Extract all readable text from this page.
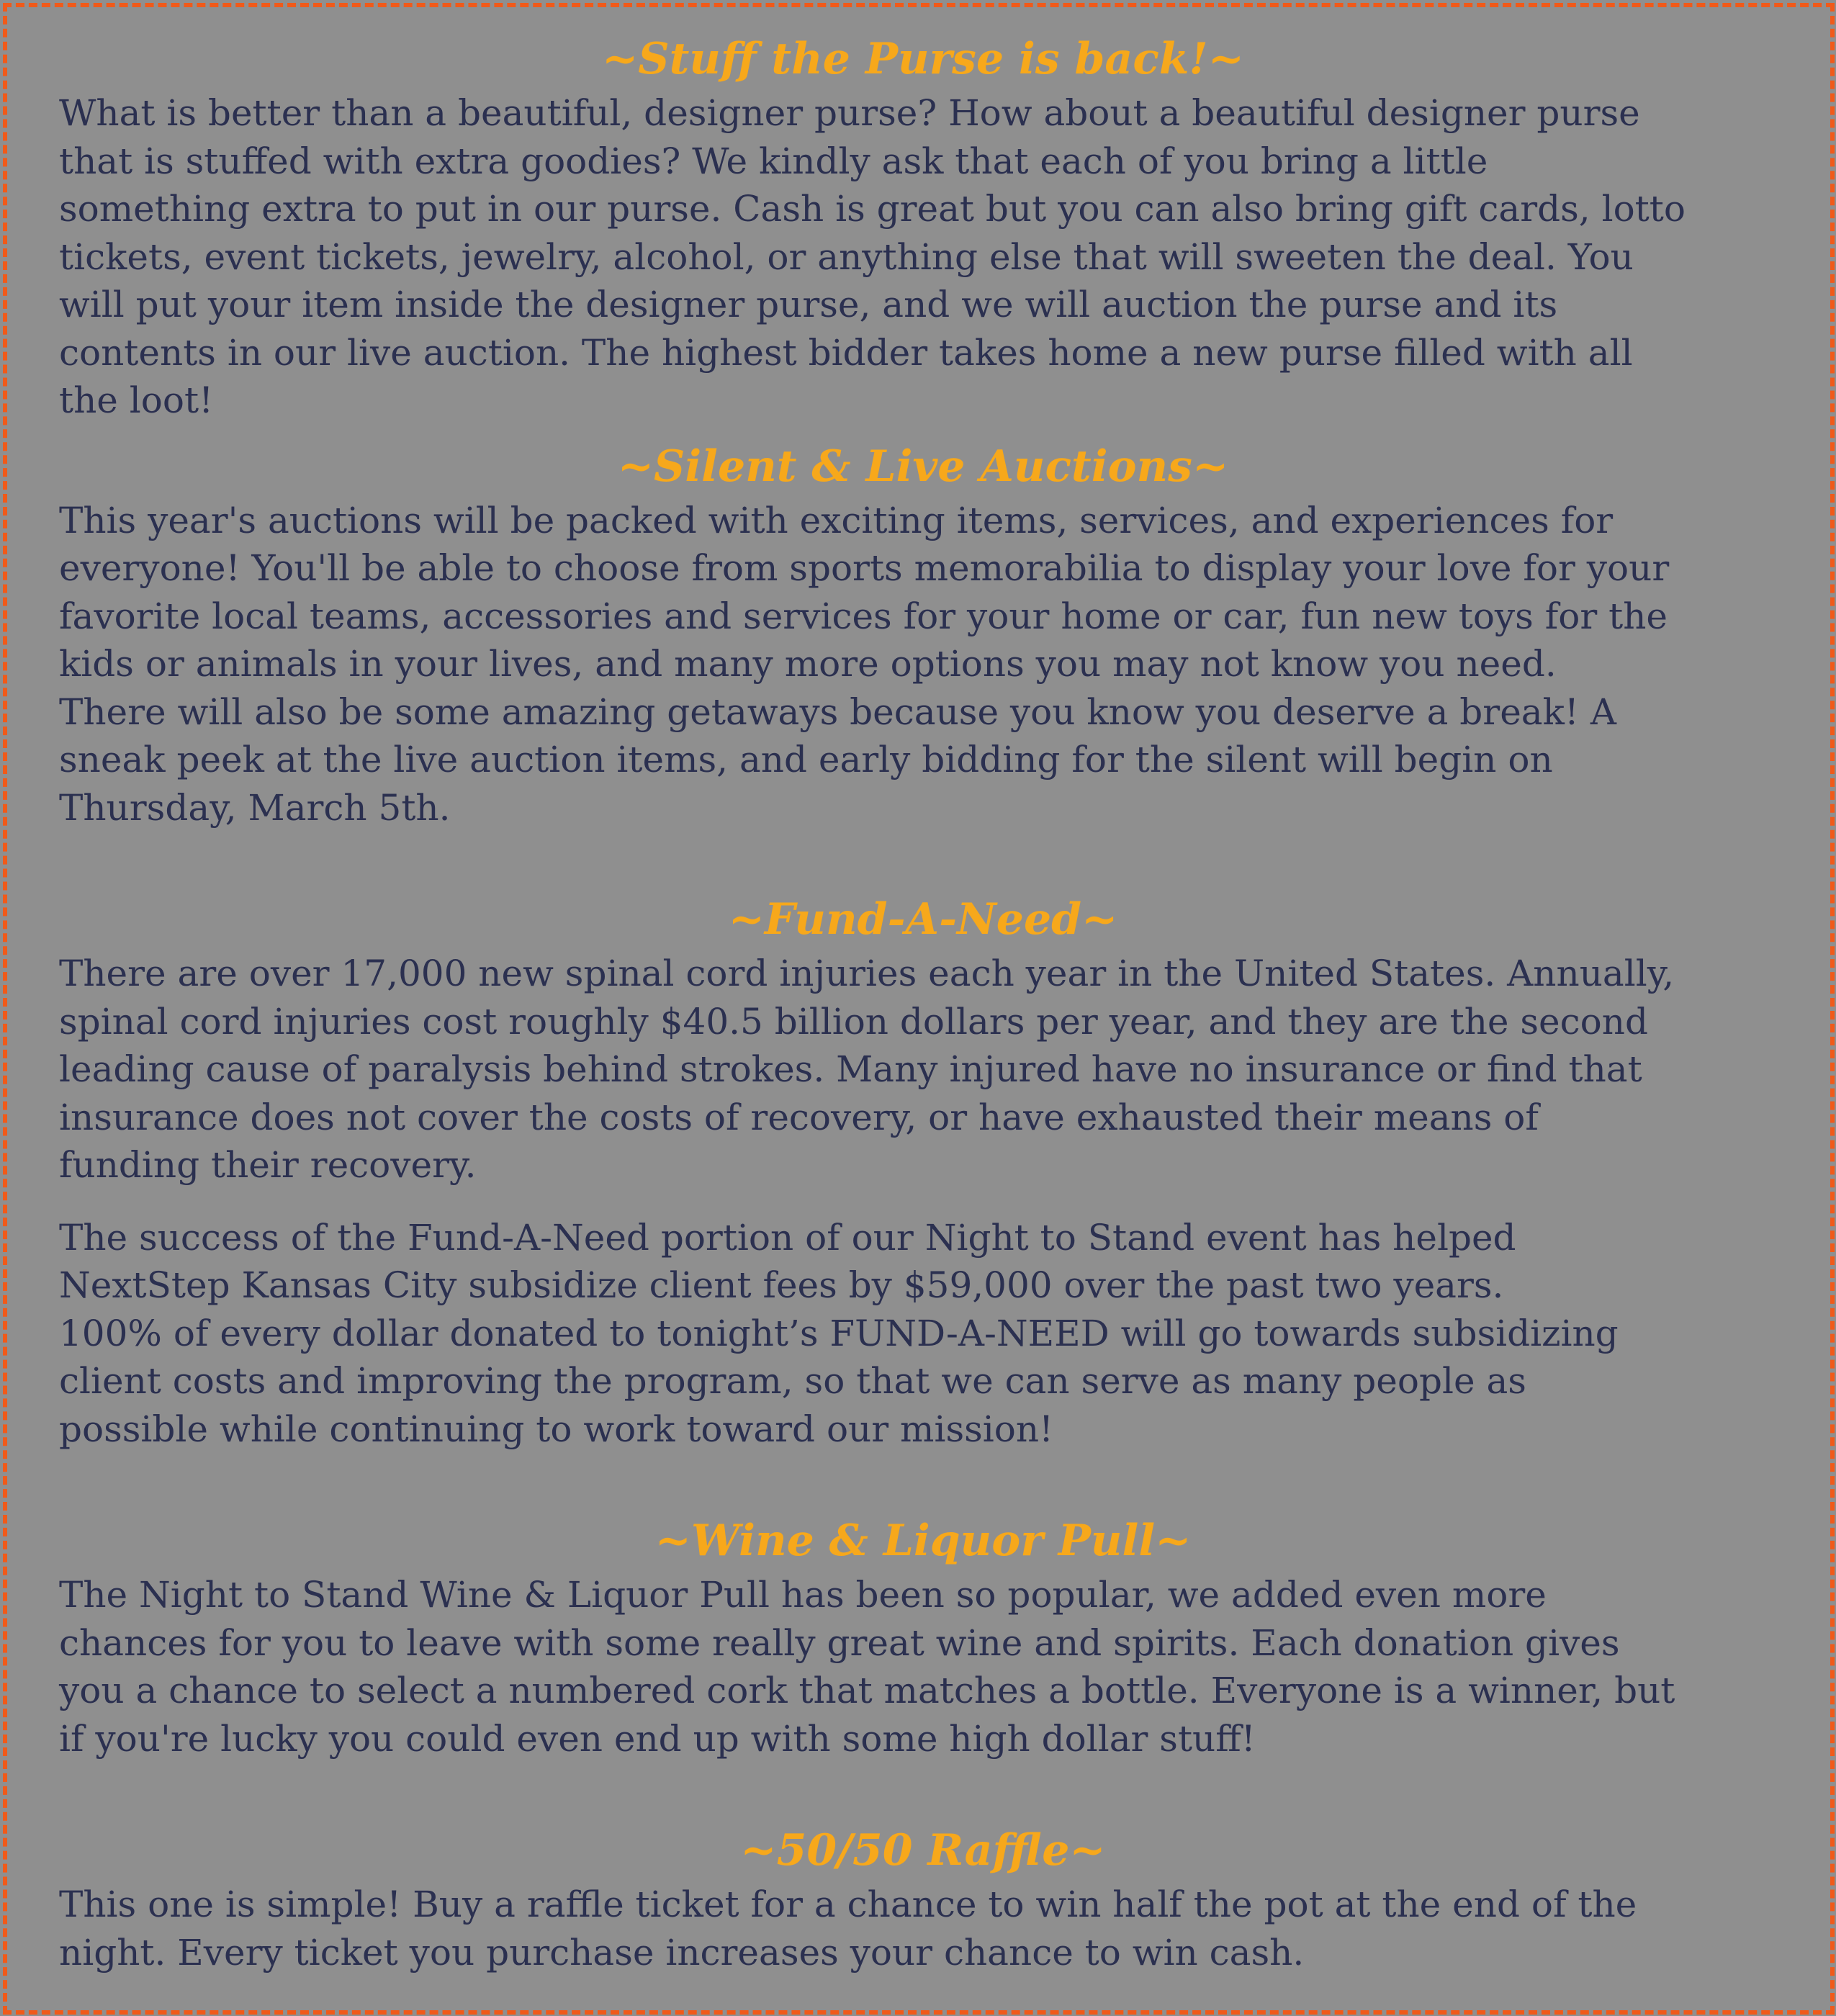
~Stuff the Purse is back!~

What is better than a beautiful, designer purse? How about a beautiful designer purse
that is stuffed with extra goodies? We kindly ask that each of you bring a little
something extra to put in our purse. Cash is great but you can also bring gift cards, lotto
tickets, event tickets, jewelry, alcohol, or anything else that will sweeten the deal. You
will put your item inside the designer purse, and we will auction the purse and its
contents in our live auction. The highest bidder takes home a new purse filled with all
the loot!

~Silent & Live Auctions~

This year's auctions will be packed with exciting items, services, and experiences for
everyone! You'll be able to choose from sports memorabilia to display your love for your
favorite local teams, accessories and services for your home or car, fun new toys for the
kids or animals in your lives, and many more options you may not know you need.
There will also be some amazing getaways because you know you deserve a break! A
sneak peek at the live auction items, and early bidding for the silent will begin on
Thursday, March 5th.

~Fund-A-Need~

There are over 17,000 new spinal cord injuries each year in the United States. Annually,
spinal cord injuries cost roughly $40.5 billion dollars per year, and they are the second
leading cause of paralysis behind strokes. Many injured have no insurance or find that
insurance does not cover the costs of recovery, or have exhausted their means of
funding their recovery.

The success of the Fund-A-Need portion of our Night to Stand event has helped
NextStep Kansas City subsidize client fees by $59,000 over the past two years.
100% of every dollar donated to tonight’s FUND-A-NEED will go towards subsidizing
client costs and improving the program, so that we can serve as many people as
possible while continuing to work toward our mission!

~Wine & Liquor Pull~

The Night to Stand Wine & Liquor Pull has been so popular, we added even more
chances for you to leave with some really great wine and spirits. Each donation gives
you a chance to select a numbered cork that matches a bottle. Everyone is a winner, but
if you're lucky you could even end up with some high dollar stuff!

~50/50 Raffle~

This one is simple! Buy a raffle ticket for a chance to win half the pot at the end of the
night. Every ticket you purchase increases your chance to win cash.
